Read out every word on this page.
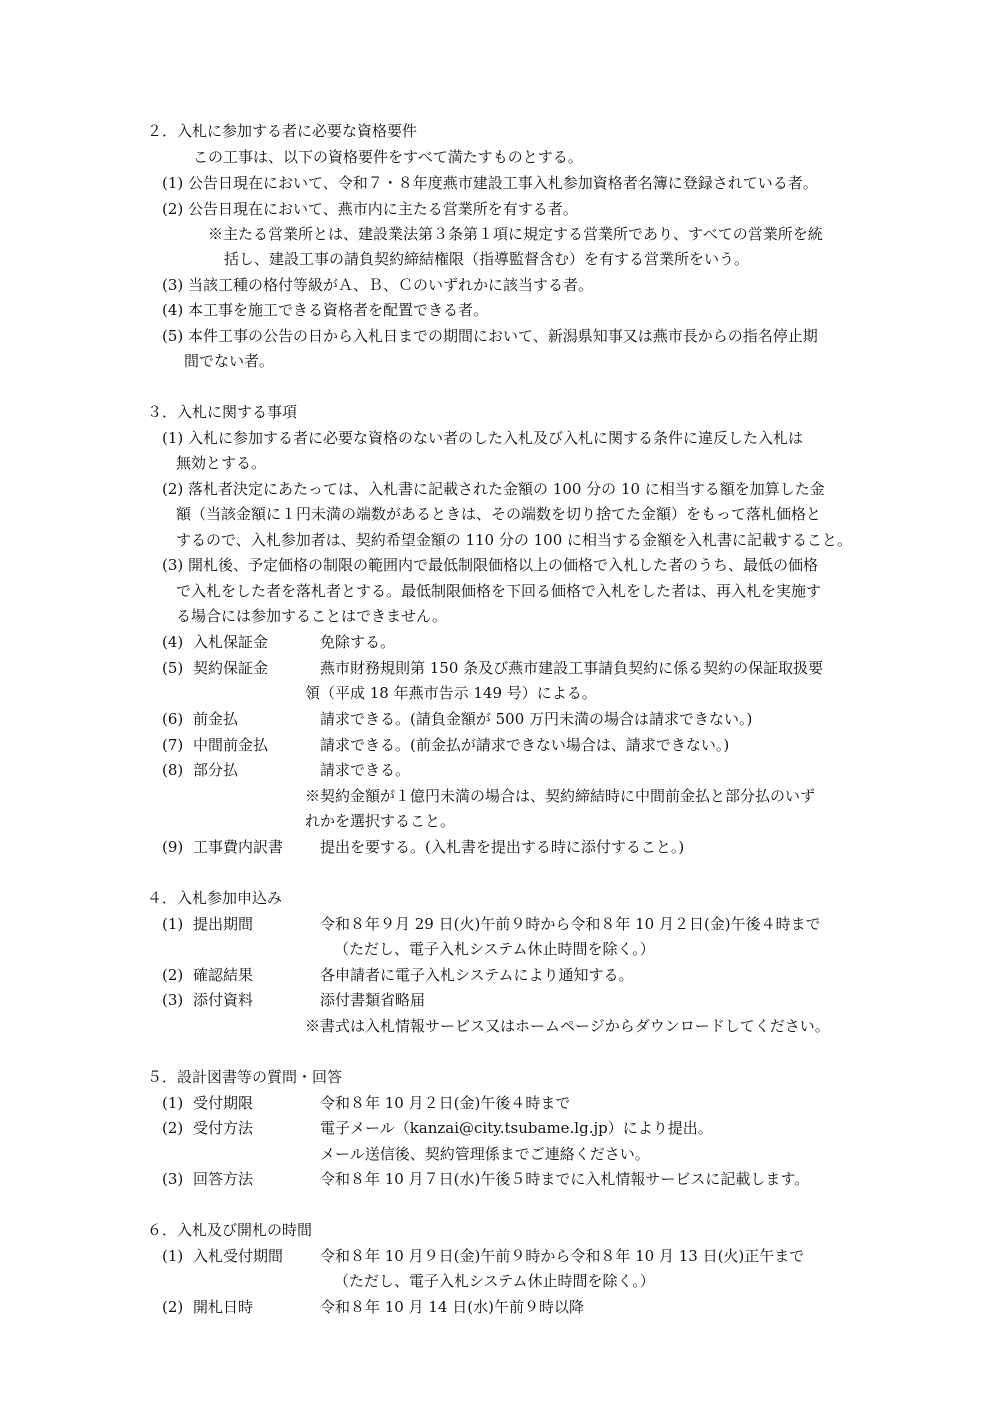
２．入札に参加する者に必要な資格要件
この工事は、以下の資格要件をすべて満たすものとする。
(1) 公告日現在において、令和７・８年度燕市建設工事入札参加資格者名簿に登録されている者。
(2) 公告日現在において、燕市内に主たる営業所を有する者。
※主たる営業所とは、建設業法第３条第１項に規定する営業所であり、すべての営業所を統
括し、建設工事の請負契約締結権限（指導監督含む）を有する営業所をいう。
(3) 当該工種の格付等級がＡ、Ｂ、Ｃのいずれかに該当する者。
(4) 本工事を施工できる資格者を配置できる者。
(5) 本件工事の公告の日から入札日までの期間において、新潟県知事又は燕市長からの指名停止期
間でない者。
３．入札に関する事項
(1) 入札に参加する者に必要な資格のない者のした入札及び入札に関する条件に違反した入札は
無効とする。
(2) 落札者決定にあたっては、入札書に記載された金額の 100 分の 10 に相当する額を加算した金
額（当該金額に１円未満の端数があるときは、その端数を切り捨てた金額）をもって落札価格と
するので、入札参加者は、契約希望金額の 110 分の 100 に相当する金額を入札書に記載すること。
(3) 開札後、予定価格の制限の範囲内で最低制限価格以上の価格で入札した者のうち、最低の価格
で入札をした者を落札者とする。最低制限価格を下回る価格で入札をした者は、再入札を実施す
る場合には参加することはできません。
(4) 入札保証金	免除する。
(5) 契約保証金	燕市財務規則第 150 条及び燕市建設工事請負契約に係る契約の保証取扱要
領（平成 18 年燕市告示 149 号）による。
(6) 前金払	請求できる。(請負金額が 500 万円未満の場合は請求できない。)
(7) 中間前金払	請求できる。(前金払が請求できない場合は、請求できない。)
(8) 部分払	請求できる。
※契約金額が１億円未満の場合は、契約締結時に中間前金払と部分払のいず
れかを選択すること。
(9) 工事費内訳書 提出を要する。(入札書を提出する時に添付すること。)
４．入札参加申込み
(1) 提出期間	令和８年９月 29 日(火)午前９時から令和８年 10 月２日(金)午後４時まで
（ただし、電子入札システム休止時間を除く。）
(2) 確認結果	各申請者に電子入札システムにより通知する。
(3) 添付資料	添付書類省略届
※書式は入札情報サービス又はホームページからダウンロードしてください。
５．設計図書等の質問・回答
(1) 受付期限	令和８年 10 月２日(金)午後４時まで
(2) 受付方法	電子メール（kanzai@city.tsubame.lg.jp）により提出。
メール送信後、契約管理係までご連絡ください。
(3) 回答方法	令和８年 10 月７日(水)午後５時までに入札情報サービスに記載します。
６．入札及び開札の時間
(1) 入札受付期間 令和８年 10 月９日(金)午前９時から令和８年 10 月 13 日(火)正午まで
（ただし、電子入札システム休止時間を除く。）
(2) 開札日時	令和８年 10 月 14 日(水)午前９時以降
